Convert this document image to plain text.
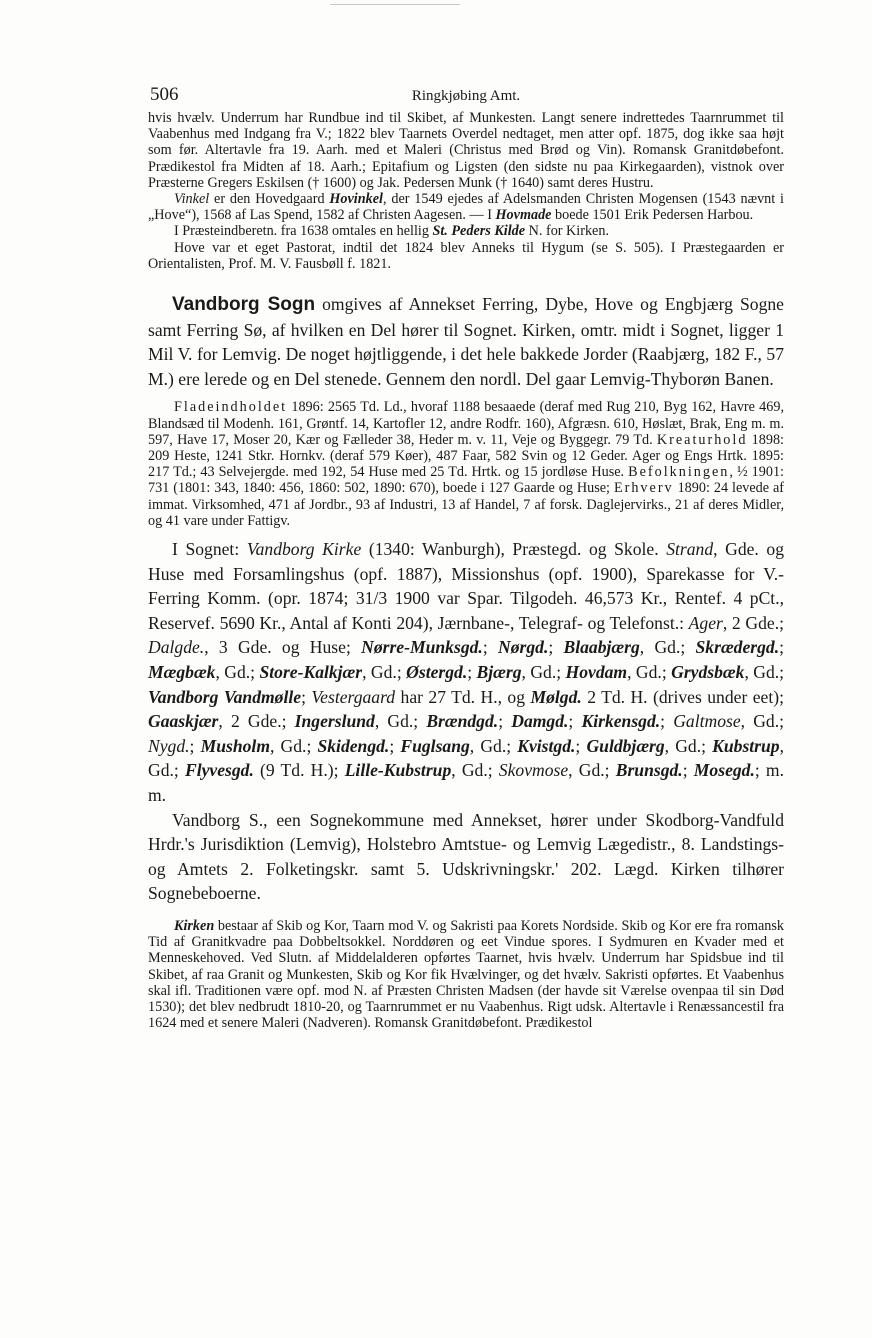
506	Ringkjøbing Amt.

hvis hvælv. Underrum har Rundbue ind til Skibet, af Munkesten. Langt senere indrettedes Taarnrummet til Vaabenhus med Indgang fra V.; 1822 blev Taarnets Overdel nedtaget, men atter opf. 1875, dog ikke saa højt som før. Altertavle fra 19. Aarh. med et Maleri (Christus med Brød og Vin). Romansk Granitdøbefont. Prædikestol fra Midten af 18. Aarh.; Epitafium og Ligsten (den sidste nu paa Kirkegaarden), vistnok over Præsterne Gregers Eskilsen († 1600) og Jak. Pedersen Munk († 1640) samt deres Hustru.

Vinkel er den Hovedgaard Hovinkel, der 1549 ejedes af Adelsmanden Christen Mogensen (1543 nævnt i „Hove“), 1568 af Las Spend, 1582 af Christen Aagesen. — I Hovmade boede 1501 Erik Pedersen Harbou.

I Præsteindberetn. fra 1638 omtales en hellig St. Peders Kilde N. for Kirken.

Hove var et eget Pastorat, indtil det 1824 blev Anneks til Hygum (se S. 505). I Præstegaarden er Orientalisten, Prof. M. V. Fausbøll f. 1821.

Vandborg Sogn omgives af Annekset Ferring, Dybe, Hove og Engbjærg Sogne samt Ferring Sø, af hvilken en Del hører til Sognet. Kirken, omtr. midt i Sognet, ligger 1 Mil V. for Lemvig. De noget højtliggende, i det hele bakkede Jorder (Raabjærg, 182 F., 57 M.) ere lerede og en Del stenede. Gennem den nordl. Del gaar Lemvig-Thyborøn Banen.

Fladeindholdet 1896: 2565 Td. Ld., hvoraf 1188 besaaede (deraf med Rug 210, Byg 162, Havre 469, Blandsæd til Modenh. 161, Grøntf. 14, Kartofler 12, andre Rodfr. 160), Afgræsn. 610, Høslæt, Brak, Eng m. m. 597, Have 17, Moser 20, Kær og Fælleder 38, Heder m. v. 11, Veje og Byggegr. 79 Td. Kreaturhold 1898: 209 Heste, 1241 Stkr. Hornkv. (deraf 579 Køer), 487 Faar, 582 Svin og 12 Geder. Ager og Engs Hrtk. 1895: 217 Td.; 43 Selvejergde. med 192, 54 Huse med 25 Td. Hrtk. og 15 jordløse Huse. Befolkningen, ½ 1901: 731 (1801: 343, 1840: 456, 1860: 502, 1890: 670), boede i 127 Gaarde og Huse; Erhverv 1890: 24 levede af immat. Virksomhed, 471 af Jordbr., 93 af Industri, 13 af Handel, 7 af forsk. Daglejervirks., 21 af deres Midler, og 41 vare under Fattigv.

I Sognet: Vandborg Kirke (1340: Wanburgh), Præstegd. og Skole. Strand, Gde. og Huse med Forsamlingshus (opf. 1887), Missionshus (opf. 1900), Sparekasse for V.-Ferring Komm. (opr. 1874; 31/3 1900 var Spar. Tilgodeh. 46,573 Kr., Rentef. 4 pCt., Reservef. 5690 Kr., Antal af Konti 204), Jærnbane-, Telegraf- og Telefonst.: Ager, 2 Gde.; Dalgde., 3 Gde. og Huse; Nørre-Munksgd.; Nørgd.; Blaabjærg, Gd.; Skrædergd.; Mægbæk, Gd.; Store-Kalkjær, Gd.; Østergd.; Bjærg, Gd.; Hovdam, Gd.; Grydsbæk, Gd.; Vandborg Vandmølle; Vestergaard har 27 Td. H., og Mølgd. 2 Td. H. (drives under eet); Gaaskjær, 2 Gde.; Ingerslund, Gd.; Brændgd.; Damgd.; Kirkensgd.; Galtmose, Gd.; Nygd.; Musholm, Gd.; Skidengd.; Fuglsang, Gd.; Kvistgd.; Guldbjærg, Gd.; Kubstrup, Gd.; Flyvesgd. (9 Td. H.); Lille-Kubstrup, Gd.; Skovmose, Gd.; Brunsgd.; Mosegd.; m. m.

Vandborg S., een Sognekommune med Annekset, hører under Skodborg-Vandfuld Hrdr.'s Jurisdiktion (Lemvig), Holstebro Amtstue- og Lemvig Lægedistr., 8. Landstings- og Amtets 2. Folketingskr. samt 5. Udskrivningskr.' 202. Lægd. Kirken tilhører Sognebeboerne.

Kirken bestaar af Skib og Kor, Taarn mod V. og Sakristi paa Korets Nordside. Skib og Kor ere fra romansk Tid af Granitkvadre paa Dobbeltsokkel. Norddøren og eet Vindue spores. I Sydmuren en Kvader med et Menneskehoved. Ved Slutn. af Middelalderen opførtes Taarnet, hvis hvælv. Underrum har Spidsbue ind til Skibet, af raa Granit og Munkesten, Skib og Kor fik Hvælvinger, og det hvælv. Sakristi opførtes. Et Vaabenhus skal ifl. Traditionen være opf. mod N. af Præsten Christen Madsen (der havde sit Værelse ovenpaa til sin Død 1530); det blev nedbrudt 1810-20, og Taarnrummet er nu Vaabenhus. Rigt udsk. Altertavle i Renæssancestil fra 1624 med et senere Maleri (Nadveren). Romansk Granitdøbefont. Prædikestol
